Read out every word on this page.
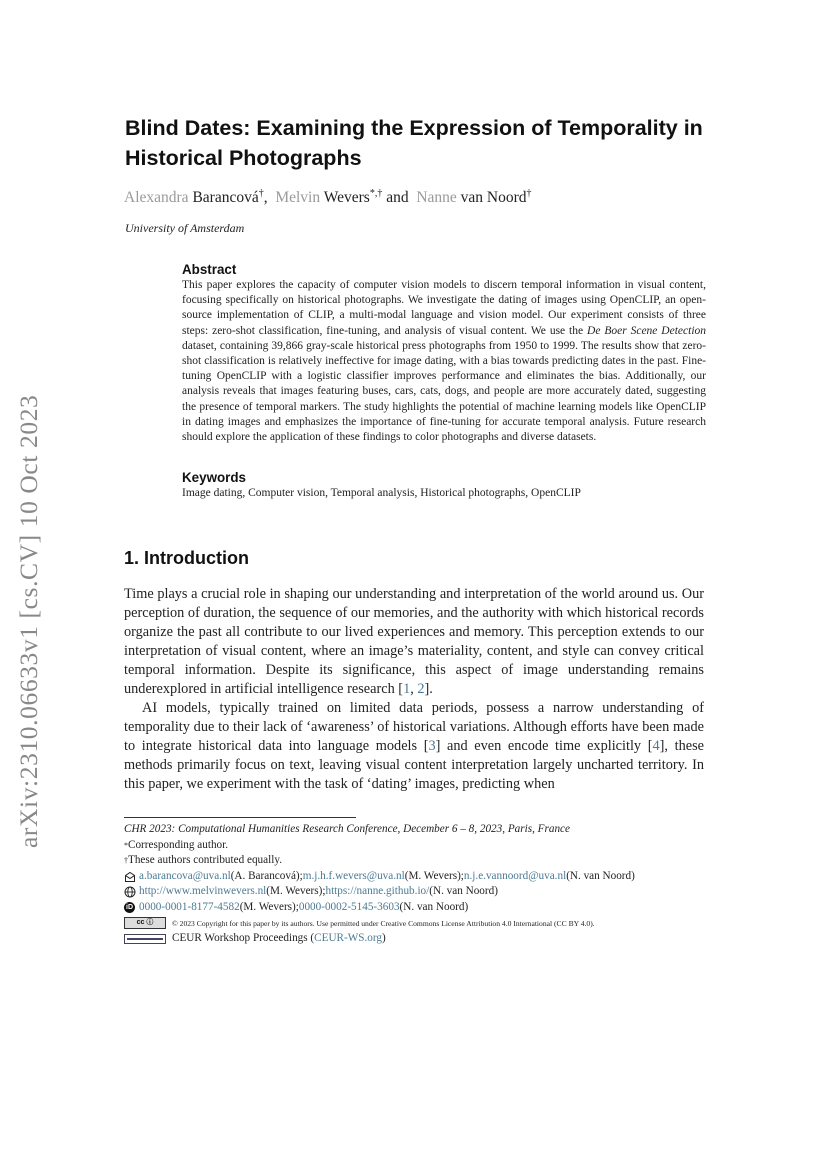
arXiv:2310.06633v1 [cs.CV] 10 Oct 2023
Blind Dates: Examining the Expression of Temporality in Historical Photographs
Alexandra Barancová†, Melvin Wevers*,† and Nanne van Noord†
University of Amsterdam
Abstract
This paper explores the capacity of computer vision models to discern temporal information in visual content, focusing specifically on historical photographs. We investigate the dating of images using OpenCLIP, an open-source implementation of CLIP, a multi-modal language and vision model. Our experiment consists of three steps: zero-shot classification, fine-tuning, and analysis of visual content. We use the De Boer Scene Detection dataset, containing 39,866 gray-scale historical press photographs from 1950 to 1999. The results show that zero-shot classification is relatively ineffective for image dating, with a bias towards predicting dates in the past. Fine-tuning OpenCLIP with a logistic classifier improves performance and eliminates the bias. Additionally, our analysis reveals that images featuring buses, cars, cats, dogs, and people are more accurately dated, suggesting the presence of temporal markers. The study highlights the potential of machine learning models like OpenCLIP in dating images and emphasizes the importance of fine-tuning for accurate temporal analysis. Future research should explore the application of these findings to color photographs and diverse datasets.
Keywords
Image dating, Computer vision, Temporal analysis, Historical photographs, OpenCLIP
1. Introduction

Time plays a crucial role in shaping our understanding and interpretation of the world around us. Our perception of duration, the sequence of our memories, and the authority with which historical records organize the past all contribute to our lived experiences and memory. This perception extends to our interpretation of visual content, where an image’s materiality, content, and style can convey critical temporal information. Despite its significance, this aspect of image understanding remains underexplored in artificial intelligence research [1, 2].

AI models, typically trained on limited data periods, possess a narrow understanding of temporality due to their lack of ‘awareness’ of historical variations. Although efforts have been made to integrate historical data into language models [3] and even encode time explicitly [4], these methods primarily focus on text, leaving visual content interpretation largely uncharted territory. In this paper, we experiment with the task of ‘dating’ images, predicting when

CHR 2023: Computational Humanities Research Conference, December 6 – 8, 2023, Paris, France
* Corresponding author.
† These authors contributed equally.
a.barancova@uva.nl (A. Barancová); m.j.h.f.wevers@uva.nl (M. Wevers); n.j.e.vannoord@uva.nl (N. van Noord)
http://www.melvinwevers.nl (M. Wevers); https://nanne.github.io/ (N. van Noord)
iD 0000-0001-8177-4582 (M. Wevers); 0000-0002-5145-3603 (N. van Noord)
cc ⓘ	© 2023 Copyright for this paper by its authors. Use permitted under Creative Commons License Attribution 4.0 International (CC BY 4.0).
CEUR Workshop Proceedings ( CEUR-WS.org )
